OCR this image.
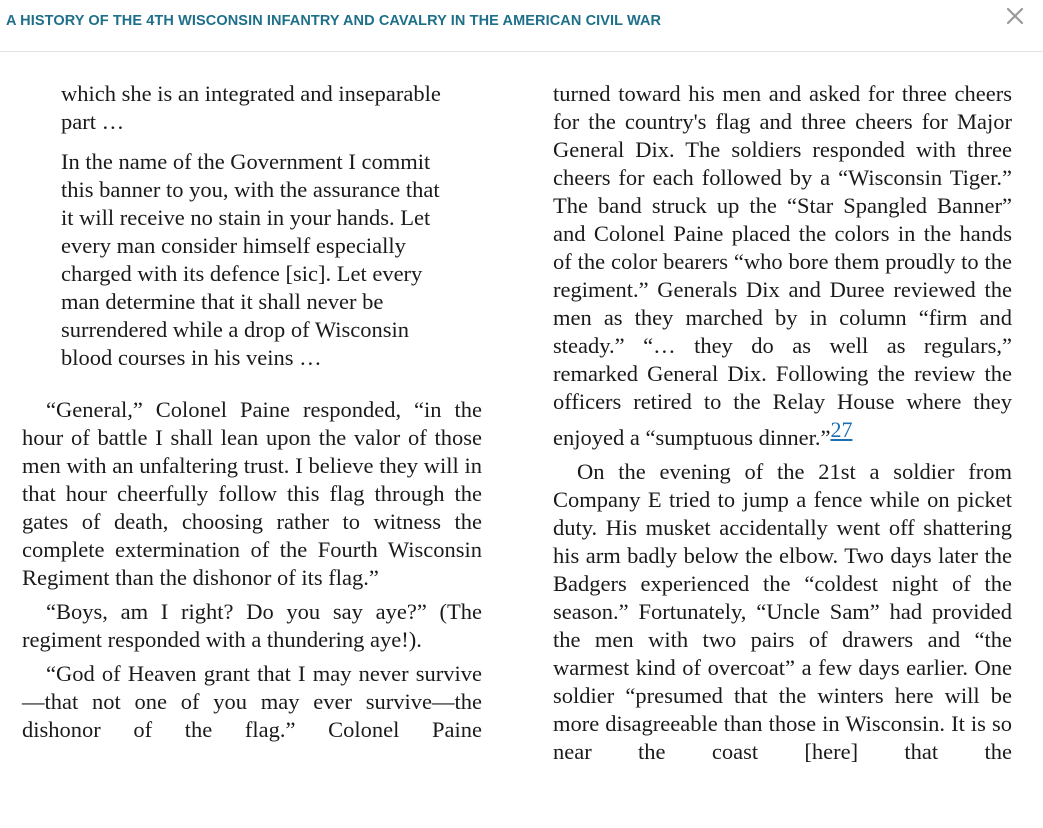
A HISTORY OF THE 4TH WISCONSIN INFANTRY AND CAVALRY IN THE AMERICAN CIVIL WAR

which she is an integrated and inseparable part …

In the name of the Government I commit this banner to you, with the assurance that it will receive no stain in your hands. Let every man consider himself especially charged with its defence [sic]. Let every man determine that it shall never be surrendered while a drop of Wisconsin blood courses in his veins …

“General,” Colonel Paine responded, “in the hour of battle I shall lean upon the valor of those men with an unfaltering trust. I believe they will in that hour cheerfully follow this flag through the gates of death, choosing rather to witness the complete extermination of the Fourth Wisconsin Regiment than the dishonor of its flag.”

“Boys, am I right? Do you say aye?” (The regiment responded with a thundering aye!).

“God of Heaven grant that I may never survive—that not one of you may ever survive—the dishonor of the flag.” Colonel Paine

turned toward his men and asked for three cheers for the country's flag and three cheers for Major General Dix. The soldiers responded with three cheers for each followed by a “Wisconsin Tiger.” The band struck up the “Star Spangled Banner” and Colonel Paine placed the colors in the hands of the color bearers “who bore them proudly to the regiment.” Generals Dix and Duree reviewed the men as they marched by in column “firm and steady.” “… they do as well as regulars,” remarked General Dix. Following the review the officers retired to the Relay House where they enjoyed a “sumptuous dinner.”27

On the evening of the 21st a soldier from Company E tried to jump a fence while on picket duty. His musket accidentally went off shattering his arm badly below the elbow. Two days later the Badgers experienced the “coldest night of the season.” Fortunately, “Uncle Sam” had provided the men with two pairs of drawers and “the warmest kind of overcoat” a few days earlier. One soldier “presumed that the winters here will be more disagreeable than those in Wisconsin. It is so near the coast [here] that the
